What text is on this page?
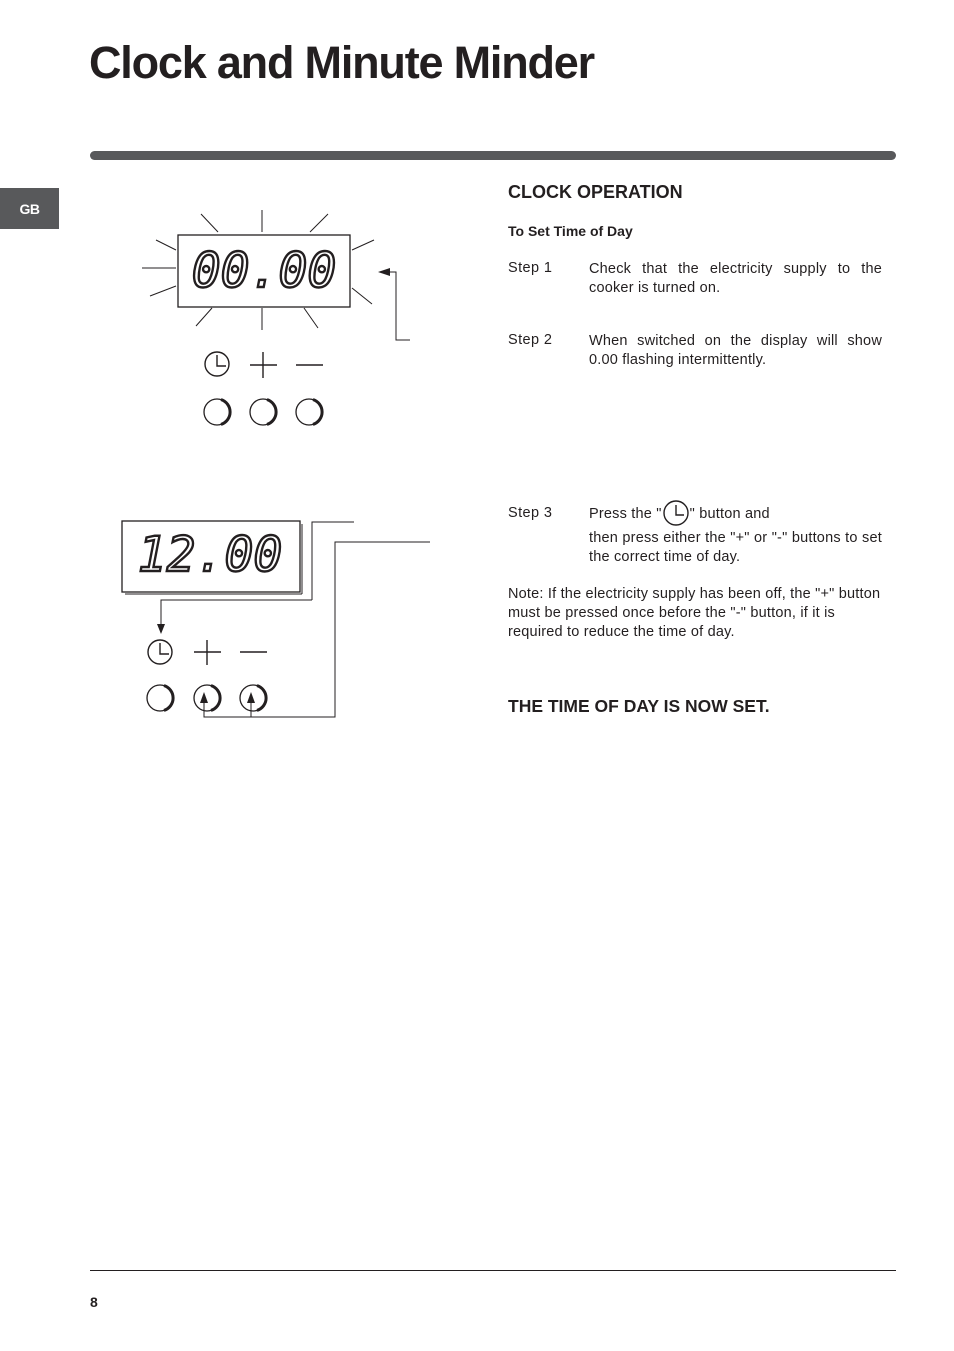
Clock and Minute Minder
GB
00.00
12.00
CLOCK OPERATION
To Set Time of Day
Step 1	Check that the electricity supply to the cooker is turned on.
Step 2	When switched on the display will show 0.00 flashing intermittently.
Step 3	Press the " " button and
then press either the "+" or "-" buttons to set the correct time of day.
Note: If the electricity supply has been off, the "+" button must be pressed once before the "-" button, if it is required to reduce the time of day.
THE TIME OF DAY IS NOW SET.
8
